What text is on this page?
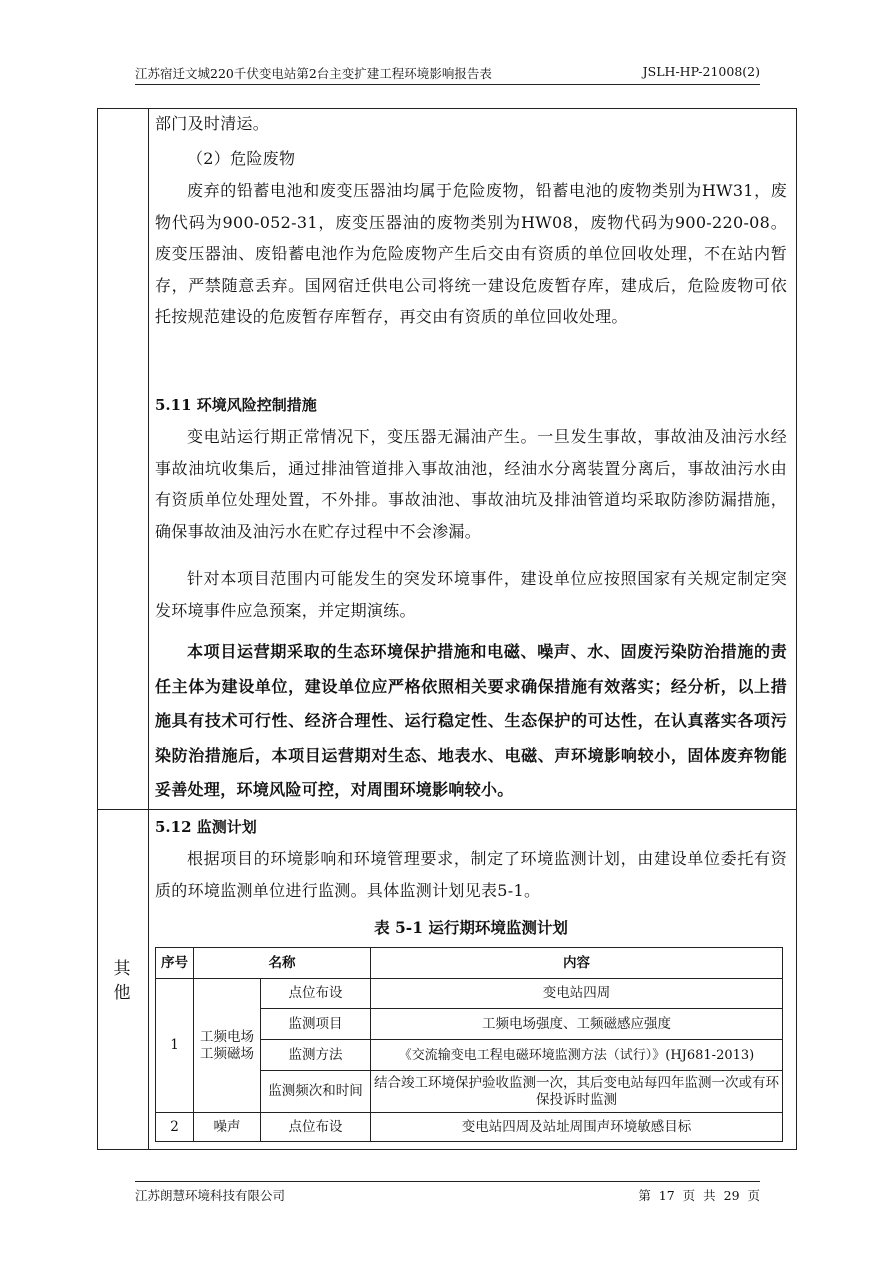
江苏宿迁文城220千伏变电站第2台主变扩建工程环境影响报告表	JSLH-HP-21008(2)
其他
部门及时清运。
（2）危险废物
废弃的铅蓄电池和废变压器油均属于危险废物，铅蓄电池的废物类别为HW31，废物代码为900-052-31，废变压器油的废物类别为HW08，废物代码为900-220-08。废变压器油、废铅蓄电池作为危险废物产生后交由有资质的单位回收处理，不在站内暂存，严禁随意丢弃。国网宿迁供电公司将统一建设危废暂存库，建成后，危险废物可依托按规范建设的危废暂存库暂存，再交由有资质的单位回收处理。
5.11 环境风险控制措施
变电站运行期正常情况下，变压器无漏油产生。一旦发生事故，事故油及油污水经事故油坑收集后，通过排油管道排入事故油池，经油水分离装置分离后，事故油污水由有资质单位处理处置，不外排。事故油池、事故油坑及排油管道均采取防渗防漏措施，确保事故油及油污水在贮存过程中不会渗漏。
针对本项目范围内可能发生的突发环境事件，建设单位应按照国家有关规定制定突发环境事件应急预案，并定期演练。
本项目运营期采取的生态环境保护措施和电磁、噪声、水、固废污染防治措施的责任主体为建设单位，建设单位应严格依照相关要求确保措施有效落实；经分析，以上措施具有技术可行性、经济合理性、运行稳定性、生态保护的可达性，在认真落实各项污染防治措施后，本项目运营期对生态、地表水、电磁、声环境影响较小，固体废弃物能妥善处理，环境风险可控，对周围环境影响较小。
5.12 监测计划
根据项目的环境影响和环境管理要求，制定了环境监测计划，由建设单位委托有资质的环境监测单位进行监测。具体监测计划见表5-1。
表 5-1 运行期环境监测计划
序号	名称		内容
1	工频电场工频磁场	点位布设	变电站四周
		监测项目	工频电场强度、工频磁感应强度
		监测方法	《交流输变电工程电磁环境监测方法（试行）》(HJ681-2013)
		监测频次和时间	结合竣工环境保护验收监测一次，其后变电站每四年监测一次或有环保投诉时监测
2	噪声	点位布设	变电站四周及站址周围声环境敏感目标
江苏朗慧环境科技有限公司	第 17 页 共 29 页
